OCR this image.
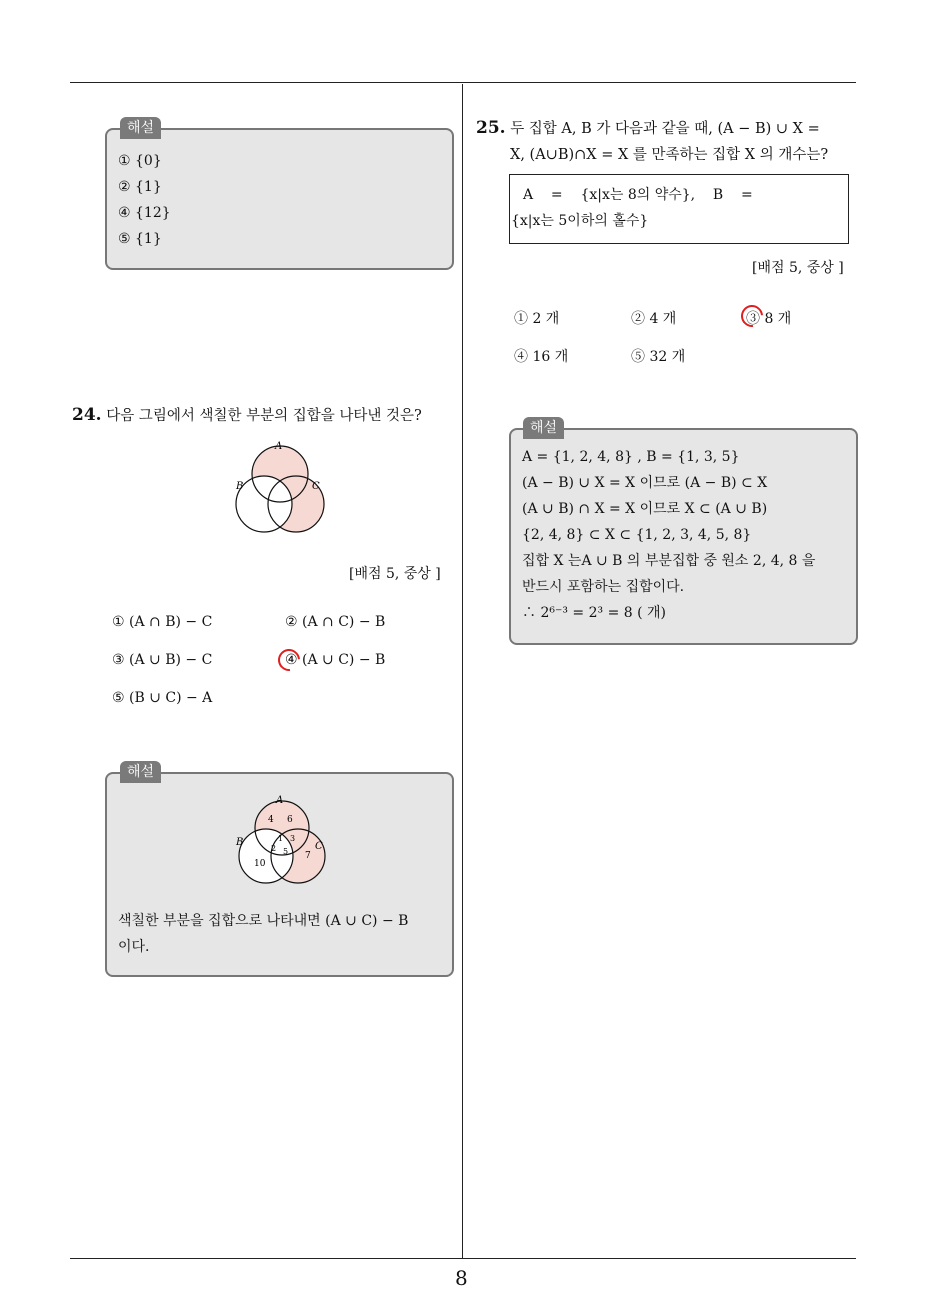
해설
① {0}
② {1}
④ {12}
⑤ {1}
24. 다음 그림에서 색칠한 부분의 집합을 나타낸 것은?
A
B	C
[배점 5, 중상 ]
① (A ∩ B) − C	② (A ∩ C) − B
③ (A ∪ B) − C	④ (A ∪ C) − B
⑤ (B ∪ C) − A
해설
A
B	C
4 6
1 3
2 5
10
7
색칠한 부분을 집합으로 나타내면 (A ∪ C) − B
이다.
25. 두 집합 A, B 가 다음과 같을 때, (A − B) ∪ X =
X, (A∪B)∩X = X 를 만족하는 집합 X 의 개수는?
A    =    {x|x는 8의 약수},    B    =
{x|x는 5이하의 홀수}
[배점 5, 중상 ]
① 2 개	② 4 개	③ 8 개
④ 16 개	⑤ 32 개
해설
A = {1, 2, 4, 8} , B = {1, 3, 5}
(A − B) ∪ X = X 이므로 (A − B) ⊂ X
(A ∪ B) ∩ X = X 이므로 X ⊂ (A ∪ B)
{2, 4, 8} ⊂ X ⊂ {1, 2, 3, 4, 5, 8}
집합 X 는A ∪ B 의 부분집합 중 원소 2, 4, 8 을
반드시 포함하는 집합이다.
∴ 2⁶⁻³ = 2³ = 8 ( 개)
8
